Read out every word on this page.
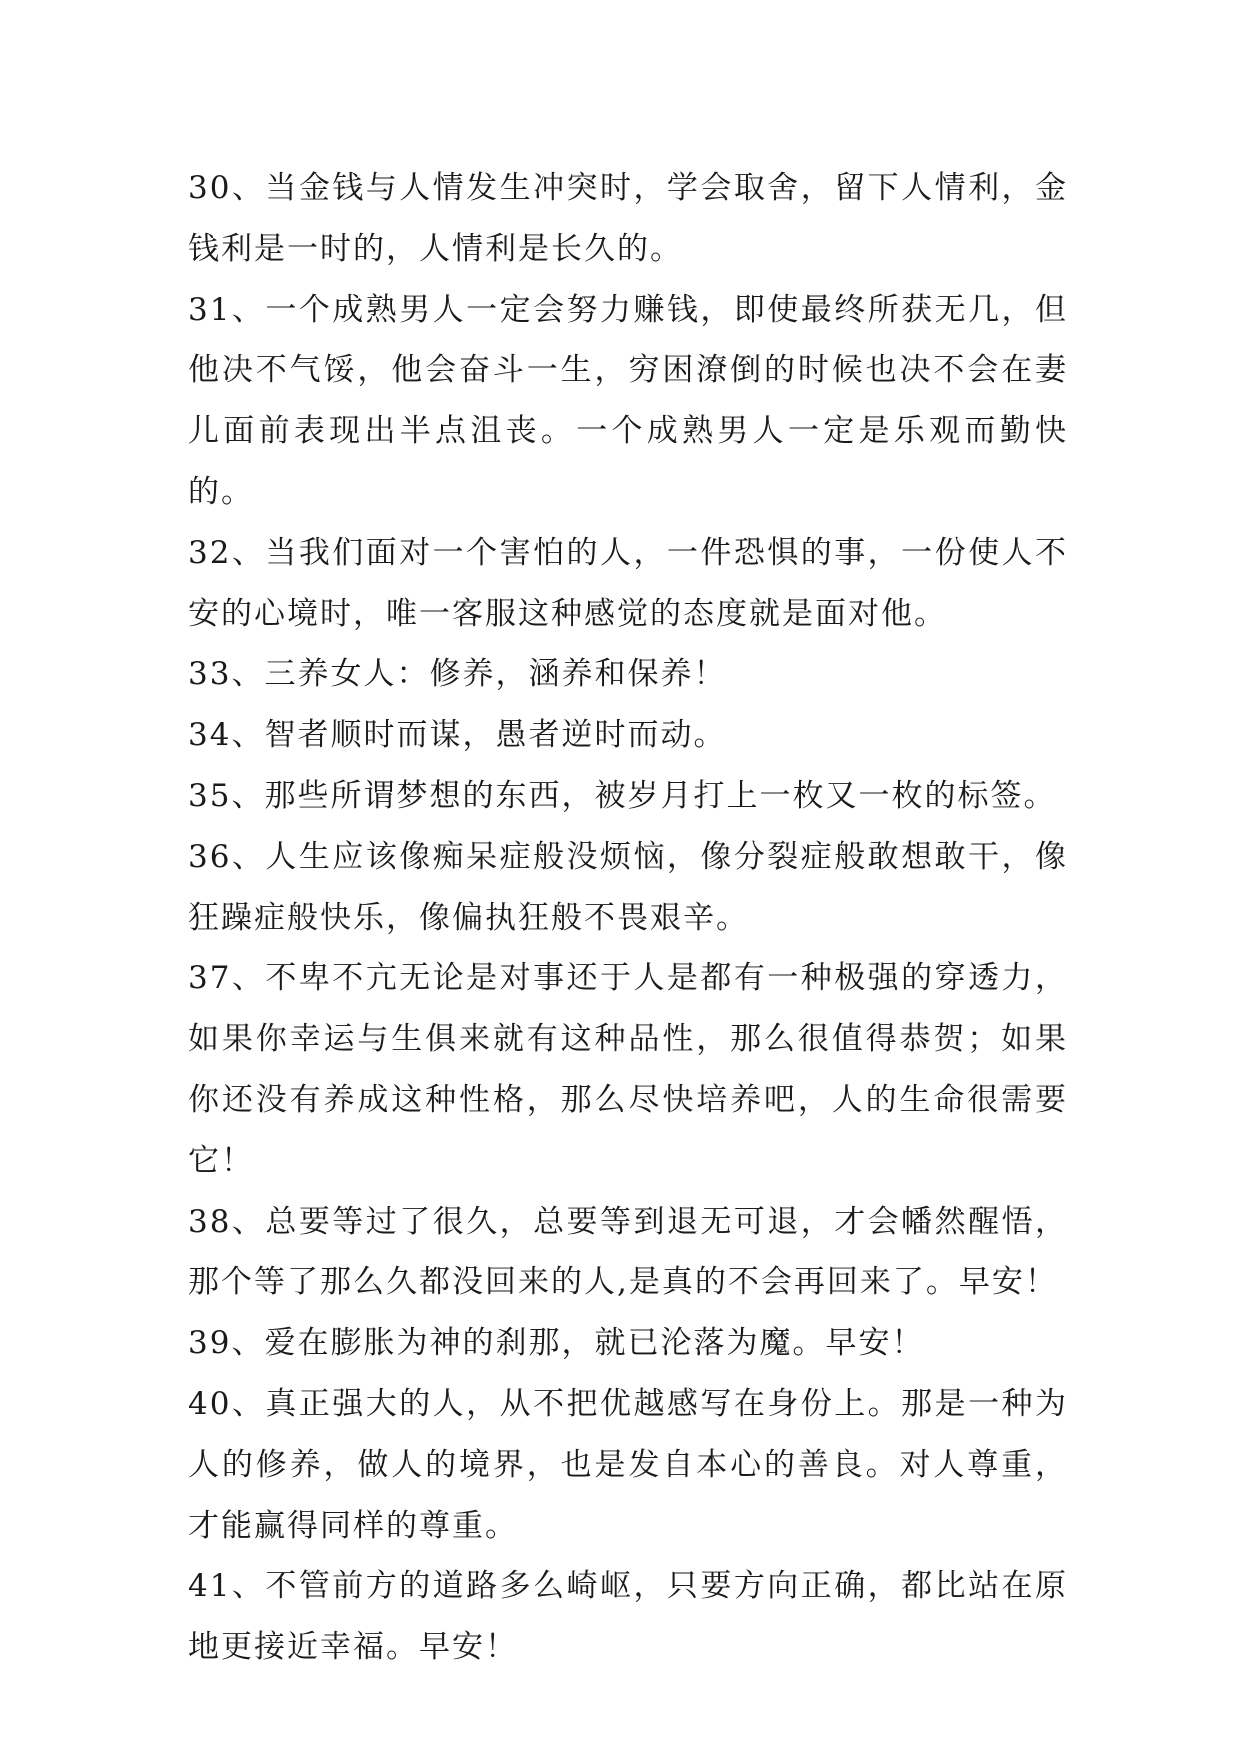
30、当金钱与人情发生冲突时，学会取舍，留下人情利，金钱利是一时的，人情利是长久的。

31、一个成熟男人一定会努力赚钱，即使最终所获无几，但他决不气馁，他会奋斗一生，穷困潦倒的时候也决不会在妻儿面前表现出半点沮丧。一个成熟男人一定是乐观而勤快的。

32、当我们面对一个害怕的人，一件恐惧的事，一份使人不安的心境时，唯一客服这种感觉的态度就是面对他。

33、三养女人：修养，涵养和保养！

34、智者顺时而谋，愚者逆时而动。

35、那些所谓梦想的东西，被岁月打上一枚又一枚的标签。

36、人生应该像痴呆症般没烦恼，像分裂症般敢想敢干，像狂躁症般快乐，像偏执狂般不畏艰辛。

37、不卑不亢无论是对事还于人是都有一种极强的穿透力，如果你幸运与生俱来就有这种品性，那么很值得恭贺；如果你还没有养成这种性格，那么尽快培养吧，人的生命很需要它！

38、总要等过了很久，总要等到退无可退，才会幡然醒悟，那个等了那么久都没回来的人,是真的不会再回来了。早安！

39、爱在膨胀为神的刹那，就已沦落为魔。早安！

40、真正强大的人，从不把优越感写在身份上。那是一种为人的修养，做人的境界，也是发自本心的善良。对人尊重，才能赢得同样的尊重。

41、不管前方的道路多么崎岖，只要方向正确，都比站在原地更接近幸福。早安！
